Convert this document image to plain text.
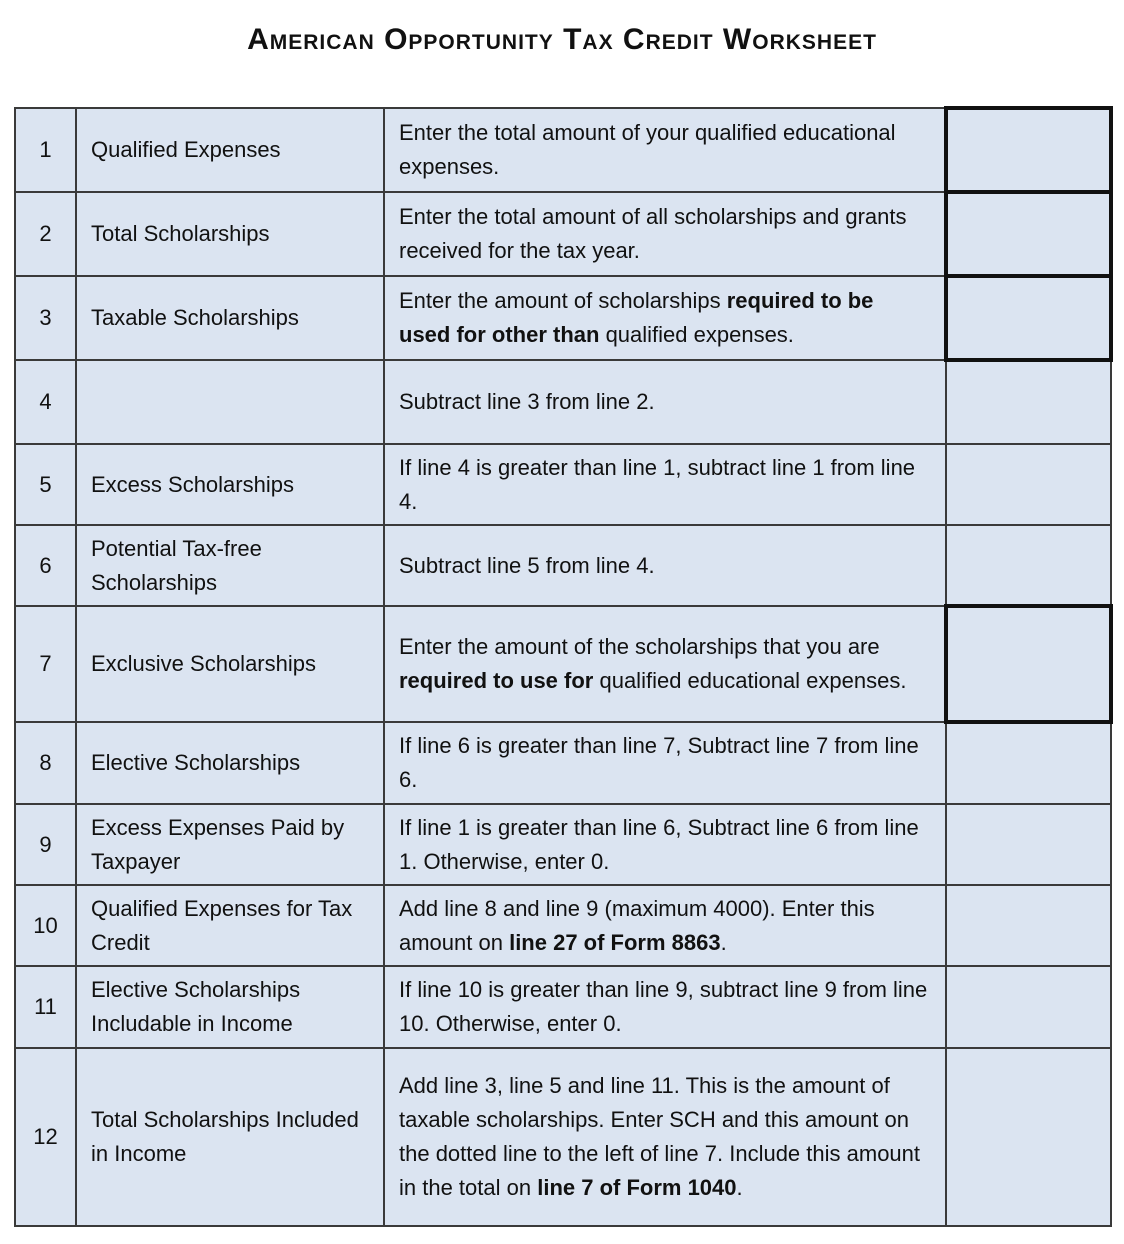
American Opportunity Tax Credit Worksheet
1	Qualified Expenses	Enter the total amount of your qualified educational expenses.	
2	Total Scholarships	Enter the total amount of all scholarships and grants received for the tax year.	
3	Taxable Scholarships	Enter the amount of scholarships required to be used for other than qualified expenses.	
4		Subtract line 3 from line 2.	
5	Excess Scholarships	If line 4 is greater than line 1, subtract line 1 from line 4.	
6	Potential Tax-free Scholarships	Subtract line 5 from line 4.	
7	Exclusive Scholarships	Enter the amount of the scholarships that you are required to use for qualified educational expenses.	
8	Elective Scholarships	If line 6 is greater than line 7, Subtract line 7 from line 6.	
9	Excess Expenses Paid by Taxpayer	If line 1 is greater than line 6, Subtract line 6 from line 1. Otherwise, enter 0.	
10	Qualified Expenses for Tax Credit	Add line 8 and line 9 (maximum 4000). Enter this amount on line 27 of Form 8863.	
11	Elective Scholarships Includable in Income	If line 10 is greater than line 9, subtract line 9 from line 10. Otherwise, enter 0.	
12	Total Scholarships Included in Income	Add line 3, line 5 and line 11. This is the amount of taxable scholarships. Enter SCH and this amount on the dotted line to the left of line 7. Include this amount in the total on line 7 of Form 1040.	
